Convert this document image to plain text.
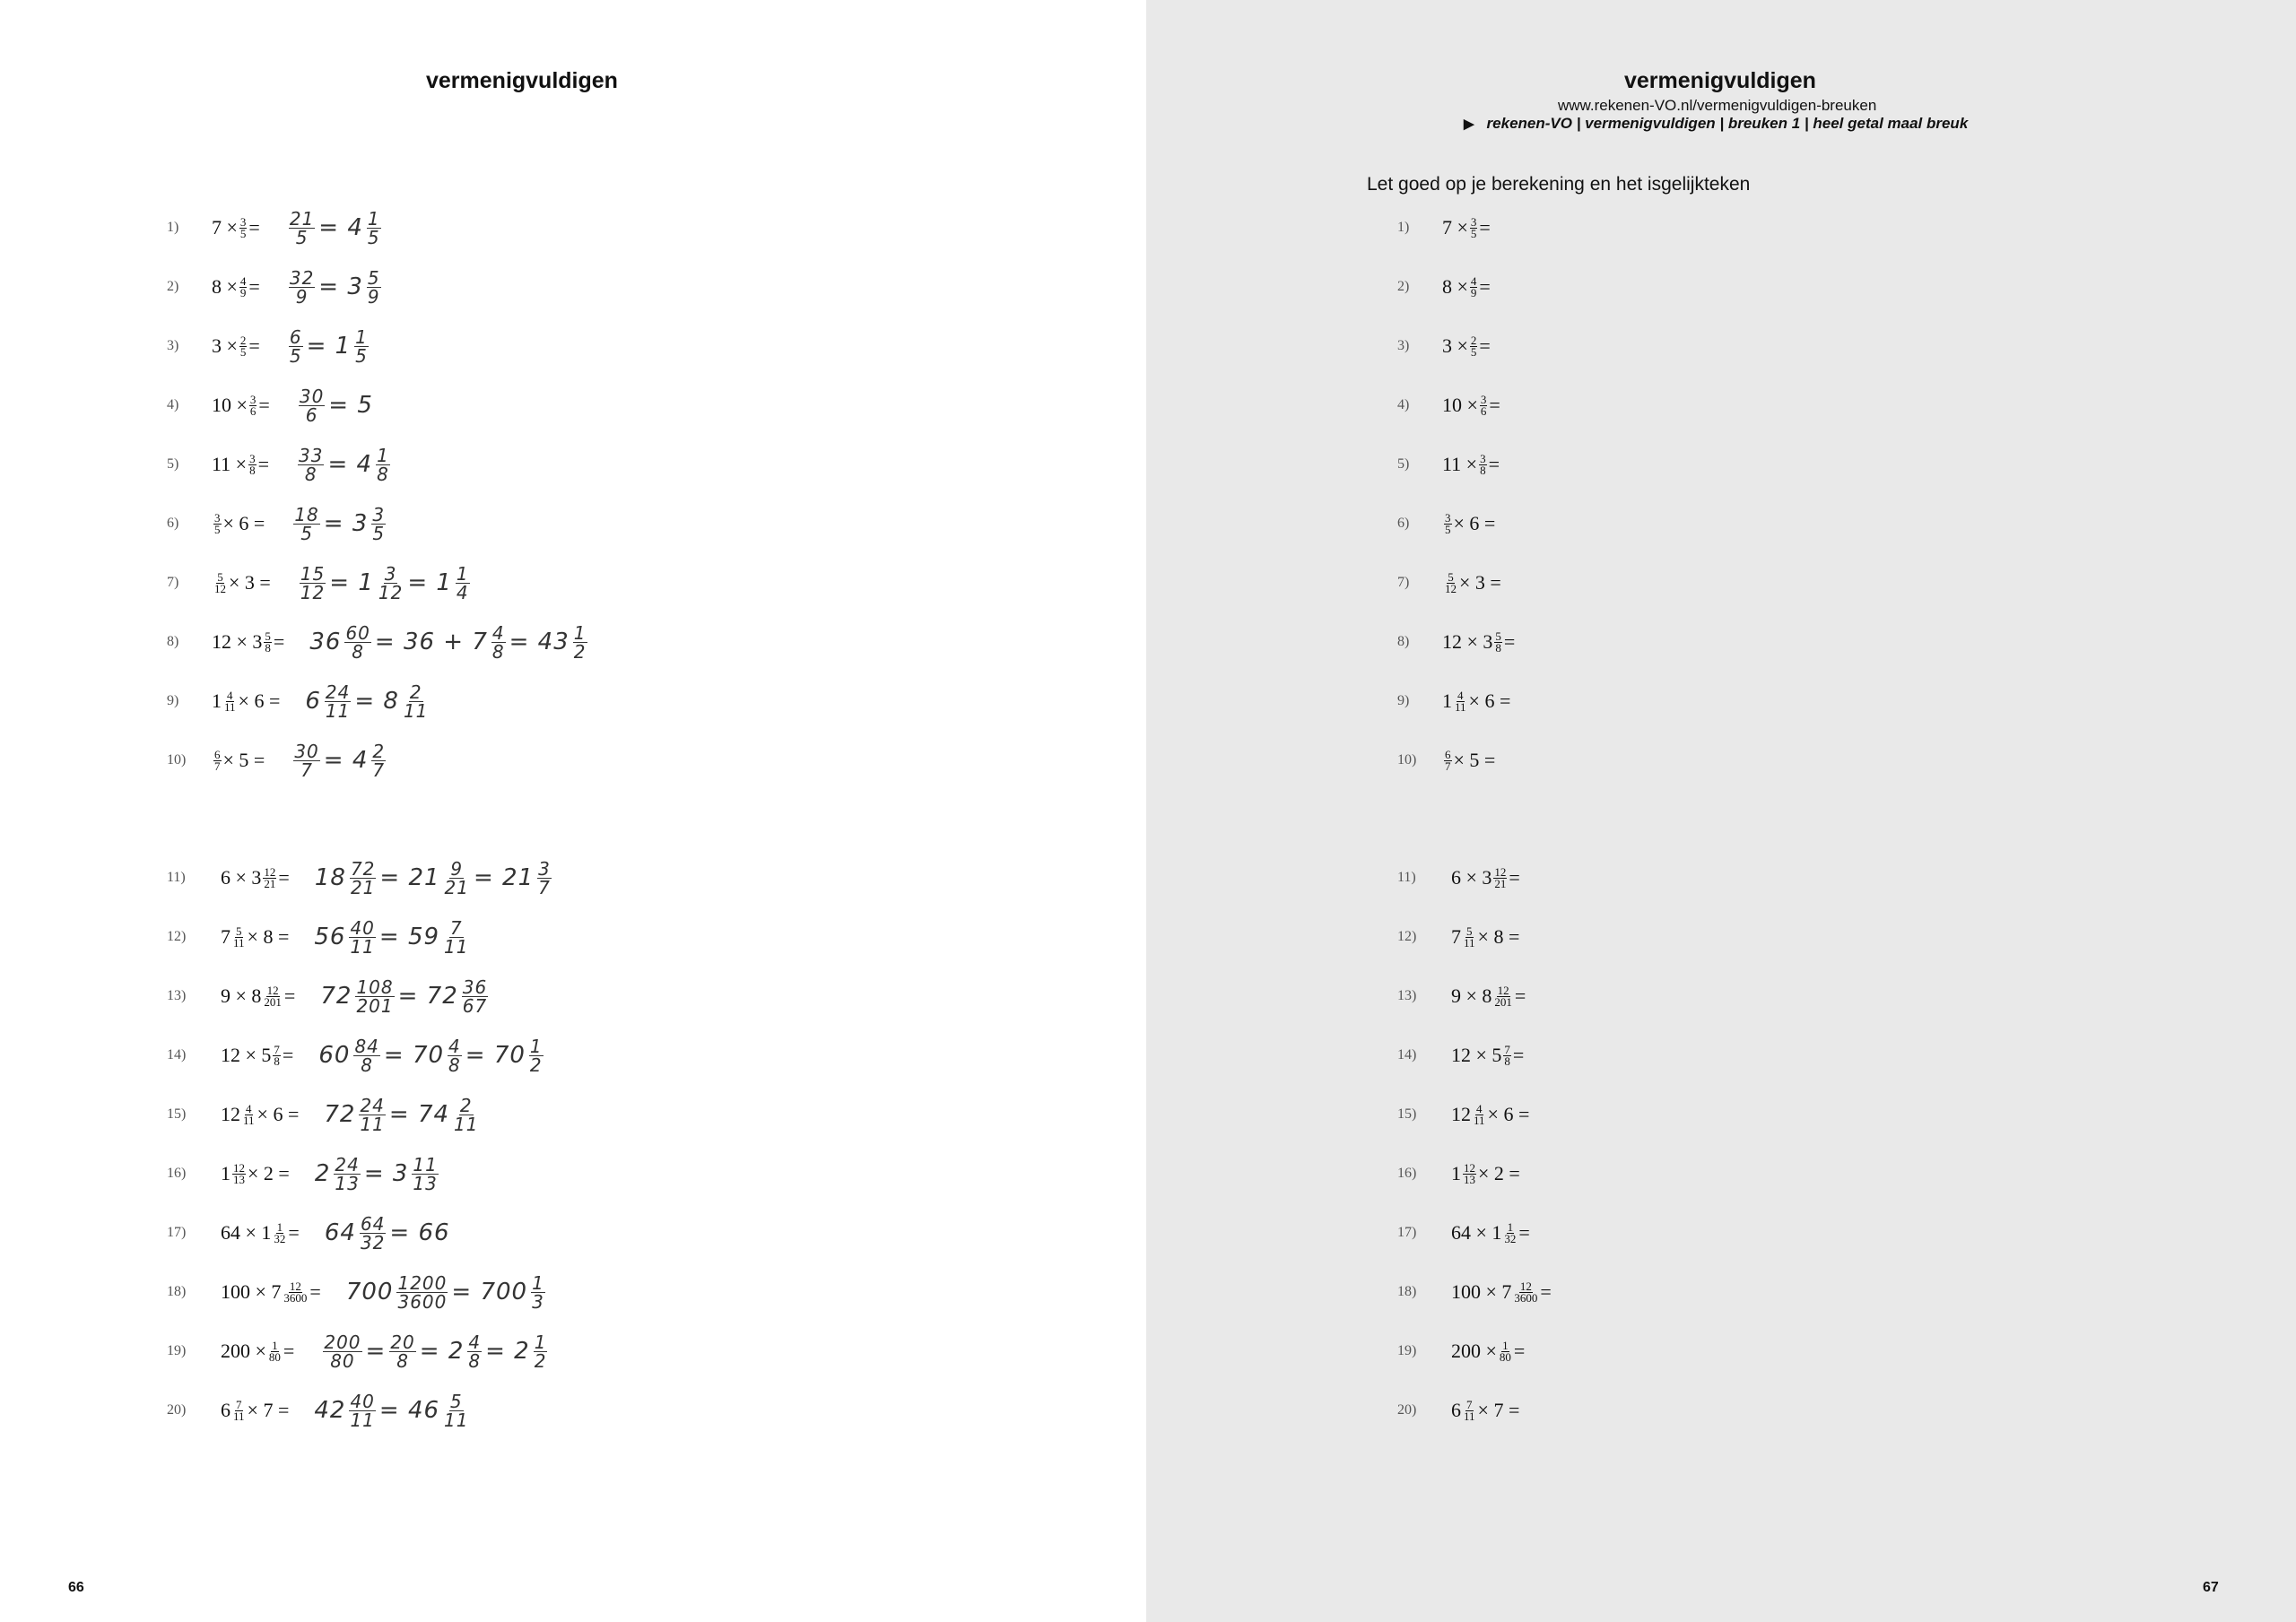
vermenigvuldigen
1)	$7 \times \frac{3}{5} = \frac{21}{5} = 4 \frac{1}{5}$
2)	$8 \times \frac{4}{9} = \frac{32}{9} = 3 \frac{5}{9}$
3)	$3 \times \frac{2}{5} = \frac{6}{5} = 1 \frac{1}{5}$
4)	$10 \times \frac{3}{6} = \frac{30}{6} = 5$
5)	$11 \times \frac{3}{8} = \frac{33}{8} = 4 \frac{1}{8}$
6)	$\frac{3}{5} \times 6 = \frac{18}{5} = 3 \frac{3}{5}$
7)	$\frac{5}{12} \times 3 = \frac{15}{12} = 1 \frac{3}{12} = 1 \frac{1}{4}$
8)	$12 \times 3 \frac{5}{8} = 36 \frac{60}{8} = 36 + 7 \frac{4}{8} = 43 \frac{1}{2}$
9)	$1 \frac{4}{11} \times 6 = 6 \frac{24}{11} = 8 \frac{2}{11}$
10)	$\frac{6}{7} \times 5 = \frac{30}{7} = 4 \frac{2}{7}$
11)	$6 \times 3 \frac{12}{21} = 18 \frac{72}{21} = 21 \frac{9}{21} = 21 \frac{3}{7}$
12)	$7 \frac{5}{11} \times 8 = 56 \frac{40}{11} = 59 \frac{7}{11}$
13)	$9 \times 8 \frac{12}{201} = 72 \frac{108}{201} = 72 \frac{36}{67}$
14)	$12 \times 5 \frac{7}{8} = 60 \frac{84}{8} = 70 \frac{4}{8} = 70 \frac{1}{2}$
15)	$12 \frac{4}{11} \times 6 = 72 \frac{24}{11} = 74 \frac{2}{11}$
16)	$1 \frac{12}{13} \times 2 = 2 \frac{24}{13} = 3 \frac{11}{13}$
17)	$64 \times 1 \frac{1}{32} = 64 \frac{64}{32} = 66$
18)	$100 \times 7 \frac{12}{3600} = 700 \frac{1200}{3600} = 700 \frac{1}{3}$
19)	$200 \times \frac{1}{80} = \frac{200}{80} = \frac{20}{8} = 2 \frac{4}{8} = 2 \frac{1}{2}$
20)	$6 \frac{7}{11} \times 7 = 42 \frac{40}{11} = 46 \frac{5}{11}$
66
vermenigvuldigen
www.rekenen-VO.nl/vermenigvuldigen-breuken
▶ rekenen-VO | vermenigvuldigen | breuken 1 | heel getal maal breuk
Let goed op je berekening en het isgelijkteken
1)	$7 \times \frac{3}{5}$ =
2)	$8 \times \frac{4}{9}$ =
3)	$3 \times \frac{2}{5}$ =
4)	$10 \times \frac{3}{6}$ =
5)	$11 \times \frac{3}{8}$ =
6)	$\frac{3}{5} \times 6$ =
7)	$\frac{5}{12} \times 3$ =
8)	$12 \times 3 \frac{5}{8}$ =
9)	$1 \frac{4}{11} \times 6$ =
10)	$\frac{6}{7} \times 5$ =
11)	$6 \times 3 \frac{12}{21}$ =
12)	$7 \frac{5}{11} \times 8$ =
13)	$9 \times 8 \frac{12}{201}$ =
14)	$12 \times 5 \frac{7}{8}$ =
15)	$12 \frac{4}{11} \times 6$ =
16)	$1 \frac{12}{13} \times 2$ =
17)	$64 \times 1 \frac{1}{32}$ =
18)	$100 \times 7 \frac{12}{3600}$ =
19)	$200 \times \frac{1}{80}$ =
20)	$6 \frac{7}{11} \times 7$ =
67
